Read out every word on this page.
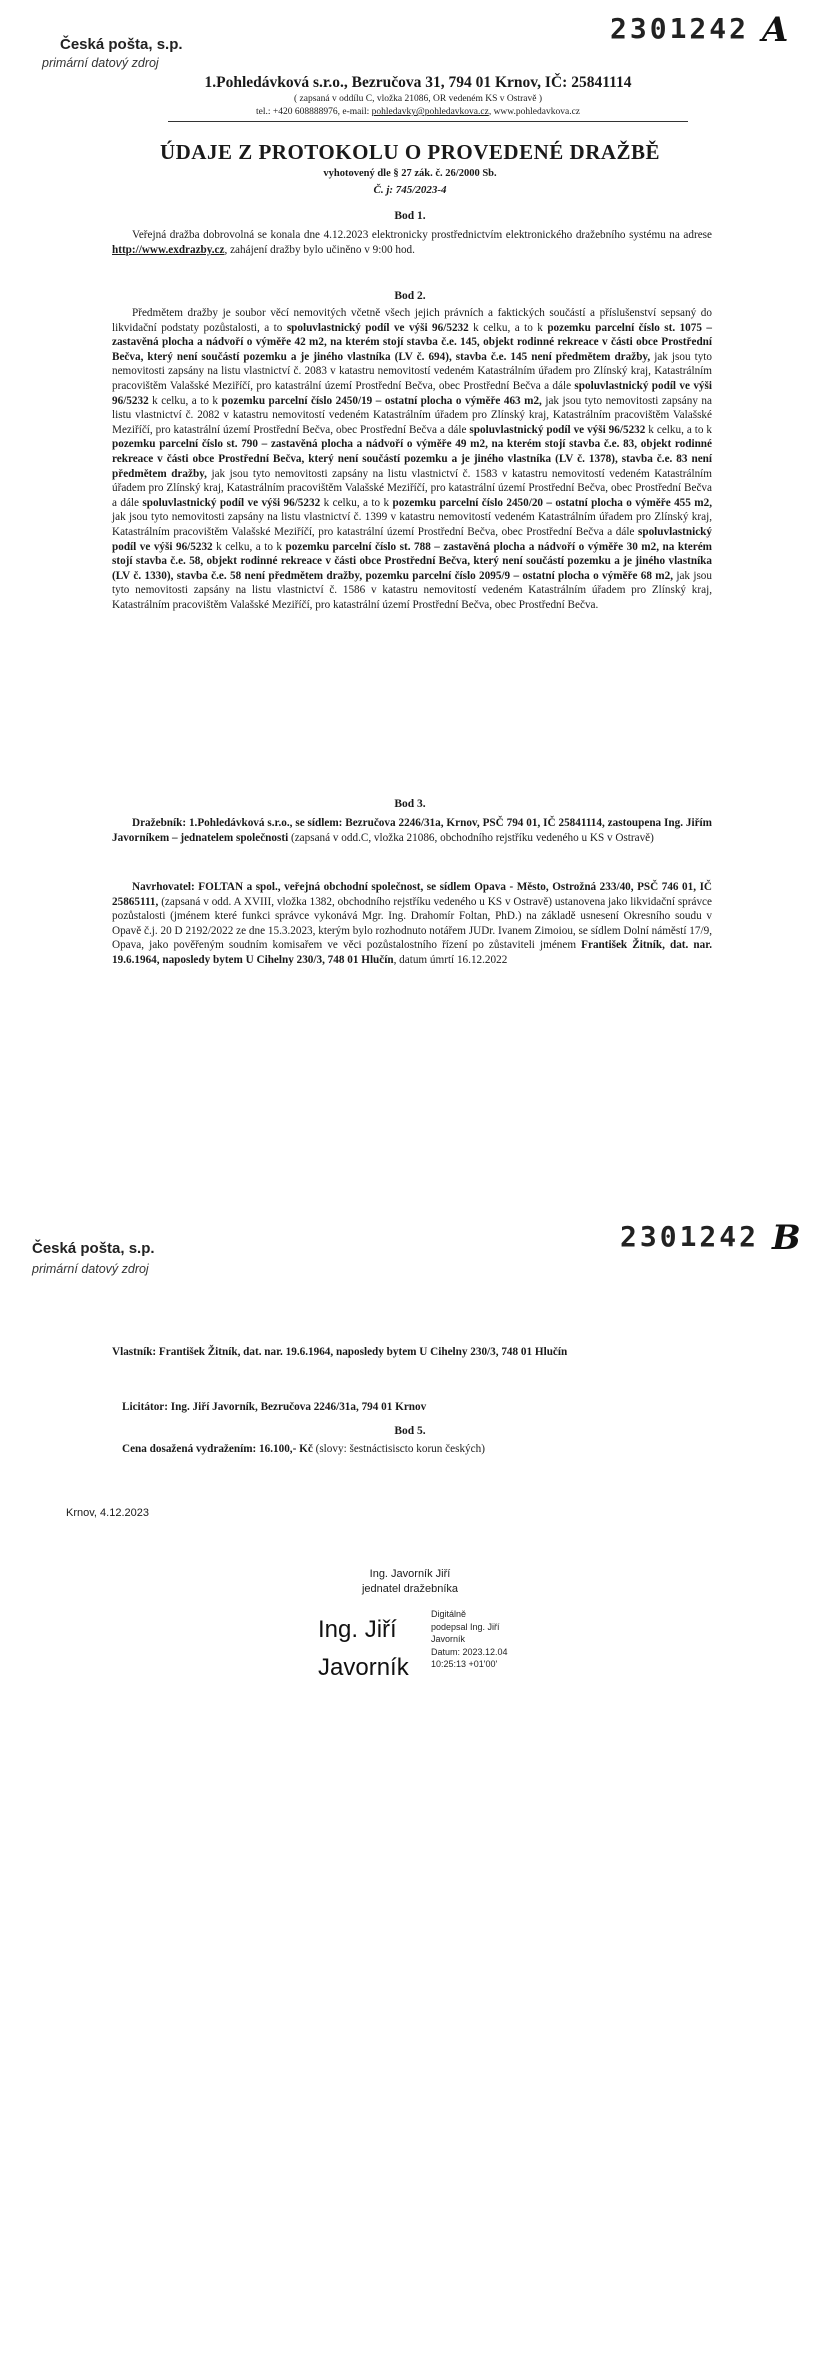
Česká pošta, s.p.
primární datový zdroj
2301242 A
1.Pohledávková s.r.o., Bezručova 31, 794 01 Krnov, IČ: 25841114
( zapsaná v oddílu C, vložka 21086, OR vedeném KS v Ostravě )
tel.: +420 608888976, e-mail: pohledavky@pohledavkova.cz, www.pohledavkova.cz
ÚDAJE Z PROTOKOLU O PROVEDENÉ DRAŽBĚ
vyhotovený dle § 27 zák. č. 26/2000 Sb.
Č. j: 745/2023-4
Bod 1.
Veřejná dražba dobrovolná se konala dne 4.12.2023 elektronicky prostřednictvím elektronického dražebního systému na adrese http://www.exdrazby.cz, zahájení dražby bylo učiněno v 9:00 hod.
Bod 2.
Předmětem dražby je soubor věcí nemovitých včetně všech jejich právních a faktických součástí a příslušenství sepsaný do likvidační podstaty pozůstalosti, a to spoluvlastnický podíl ve výši 96/5232 k celku, a to k pozemku parcelní číslo st. 1075 – zastavěná plocha a nádvoří o výměře 42 m2, na kterém stojí stavba č.e. 145, objekt rodinné rekreace v části obce Prostřední Bečva, který není součástí pozemku a je jiného vlastníka (LV č. 694), stavba č.e. 145 není předmětem dražby, jak jsou tyto nemovitosti zapsány na listu vlastnictví č. 2083 v katastru nemovitostí vedeném Katastrálním úřadem pro Zlínský kraj, Katastrálním pracovištěm Valašské Meziříčí, pro katastrální území Prostřední Bečva, obec Prostřední Bečva a dále spoluvlastnický podíl ve výši 96/5232 k celku, a to k pozemku parcelní číslo 2450/19 – ostatní plocha o výměře 463 m2, jak jsou tyto nemovitosti zapsány na listu vlastnictví č. 2082 v katastru nemovitostí vedeném Katastrálním úřadem pro Zlínský kraj, Katastrálním pracovištěm Valašské Meziříčí, pro katastrální území Prostřední Bečva, obec Prostřední Bečva a dále spoluvlastnický podíl ve výši 96/5232 k celku, a to k pozemku parcelní číslo st. 790 – zastavěná plocha a nádvoří o výměře 49 m2, na kterém stojí stavba č.e. 83, objekt rodinné rekreace v části obce Prostřední Bečva, který není součástí pozemku a je jiného vlastníka (LV č. 1378), stavba č.e. 83 není předmětem dražby, jak jsou tyto nemovitosti zapsány na listu vlastnictví č. 1583 v katastru nemovitostí vedeném Katastrálním úřadem pro Zlínský kraj, Katastrálním pracovištěm Valašské Meziříčí, pro katastrální území Prostřední Bečva, obec Prostřední Bečva a dále spoluvlastnický podíl ve výši 96/5232 k celku, a to k pozemku parcelní číslo 2450/20 – ostatní plocha o výměře 455 m2, jak jsou tyto nemovitosti zapsány na listu vlastnictví č. 1399 v katastru nemovitostí vedeném Katastrálním úřadem pro Zlínský kraj, Katastrálním pracovištěm Valašské Meziříčí, pro katastrální území Prostřední Bečva, obec Prostřední Bečva a dále spoluvlastnický podíl ve výši 96/5232 k celku, a to k pozemku parcelní číslo st. 788 – zastavěná plocha a nádvoří o výměře 30 m2, na kterém stojí stavba č.e. 58, objekt rodinné rekreace v části obce Prostřední Bečva, který není součástí pozemku a je jiného vlastníka (LV č. 1330), stavba č.e. 58 není předmětem dražby, pozemku parcelní číslo 2095/9 – ostatní plocha o výměře 68 m2, jak jsou tyto nemovitosti zapsány na listu vlastnictví č. 1586 v katastru nemovitostí vedeném Katastrálním úřadem pro Zlínský kraj, Katastrálním pracovištěm Valašské Meziříčí, pro katastrální území Prostřední Bečva, obec Prostřední Bečva.
Bod 3.
Dražebník: 1.Pohledávková s.r.o., se sídlem: Bezručova 2246/31a, Krnov, PSČ 794 01, IČ 25841114, zastoupena Ing. Jiřím Javorníkem – jednatelem společnosti (zapsaná v odd.C, vložka 21086, obchodního rejstříku vedeného u KS v Ostravě)
Navrhovatel: FOLTAN a spol., veřejná obchodní společnost, se sídlem Opava - Město, Ostrožná 233/40, PSČ 746 01, IČ 25865111, (zapsaná v odd. A XVIII, vložka 1382, obchodního rejstříku vedeného u KS v Ostravě) ustanovena jako likvidační správce pozůstalosti (jménem které funkci správce vykonává Mgr. Ing. Drahomír Foltan, PhD.) na základě usnesení Okresního soudu v Opavě č.j. 20 D 2192/2022 ze dne 15.3.2023, kterým bylo rozhodnuto notářem JUDr. Ivanem Zimoiou, se sídlem Dolní náměstí 17/9, Opava, jako pověřeným soudním komisařem ve věci pozůstalostního řízení po zůstaviteli jménem František Žitník, dat. nar. 19.6.1964, naposledy bytem U Cihelny 230/3, 748 01 Hlučín, datum úmrtí 16.12.2022
Česká pošta, s.p.
primární datový zdroj
2301242 B
Vlastník: František Žitník, dat. nar. 19.6.1964, naposledy bytem U Cihelny 230/3, 748 01 Hlučín
Licitátor: Ing. Jiří Javorník, Bezručova 2246/31a, 794 01 Krnov
Bod 5.
Cena dosažená vydražením: 16.100,- Kč (slovy: šestnáctisiscto korun českých)
Krnov, 4.12.2023
Ing. Javorník Jiří
jednatel dražebníka
Ing. Jiří
Javorník
Digitálně
podepsal Ing. Jiří
Javorník
Datum: 2023.12.04
10:25:13 +01'00'
